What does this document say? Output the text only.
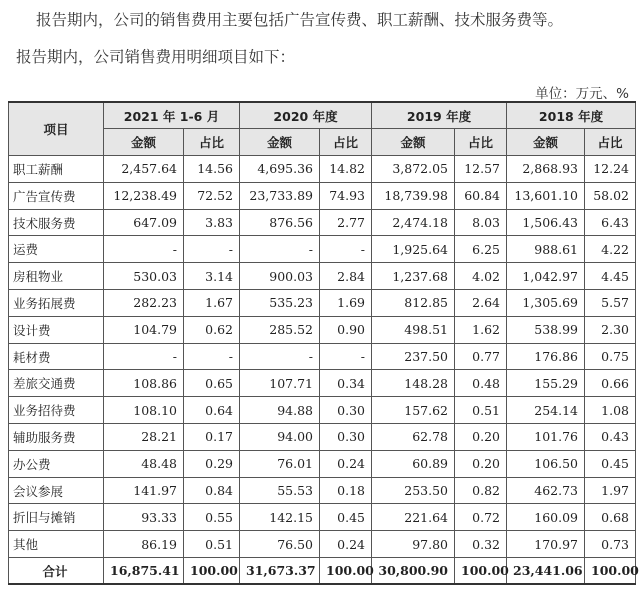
报告期内，公司的销售费用主要包括广告宣传费、职工薪酬、技术服务费等。
报告期内，公司销售费用明细项目如下：
单位：万元、%
项目	2021 年 1-6 月		2020 年度		2019 年度		2018 年度	
	金额	占比	金额	占比	金额	占比	金额	占比
职工薪酬	2,457.64	14.56	4,695.36	14.82	3,872.05	12.57	2,868.93	12.24
广告宣传费	12,238.49	72.52	23,733.89	74.93	18,739.98	60.84	13,601.10	58.02
技术服务费	647.09	3.83	876.56	2.77	2,474.18	8.03	1,506.43	6.43
运费	-	-	-	-	1,925.64	6.25	988.61	4.22
房租物业	530.03	3.14	900.03	2.84	1,237.68	4.02	1,042.97	4.45
业务拓展费	282.23	1.67	535.23	1.69	812.85	2.64	1,305.69	5.57
设计费	104.79	0.62	285.52	0.90	498.51	1.62	538.99	2.30
耗材费	-	-	-	-	237.50	0.77	176.86	0.75
差旅交通费	108.86	0.65	107.71	0.34	148.28	0.48	155.29	0.66
业务招待费	108.10	0.64	94.88	0.30	157.62	0.51	254.14	1.08
辅助服务费	28.21	0.17	94.00	0.30	62.78	0.20	101.76	0.43
办公费	48.48	0.29	76.01	0.24	60.89	0.20	106.50	0.45
会议参展	141.97	0.84	55.53	0.18	253.50	0.82	462.73	1.97
折旧与摊销	93.33	0.55	142.15	0.45	221.64	0.72	160.09	0.68
其他	86.19	0.51	76.50	0.24	97.80	0.32	170.97	0.73
合计	16,875.41	100.00	31,673.37	100.00	30,800.90	100.00	23,441.06	100.00
